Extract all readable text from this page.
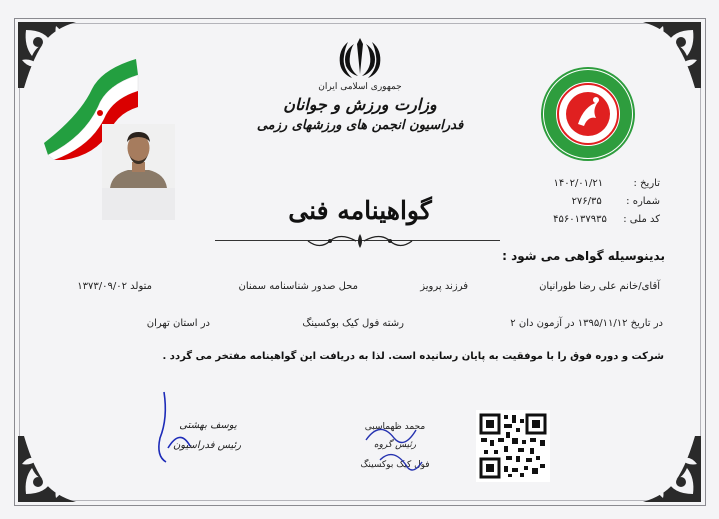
جمهوری اسلامی ایران
وزارت ورزش و جوانان
فدراسیون انجمن های ورزشهای رزمی
تاریخ :  ۱۴۰۲/۰۱/۲۱
شماره :  ۲۷۶/۳۵
کد ملی :  ۴۵۶۰۱۳۷۹۳۵
گواهینامه فنی
بدینوسیله گواهی می شود :
آقای/خانم علی رضا طورانیان
فرزند پرویز
محل صدور شناسنامه سمنان
متولد ۱۳۷۳/۰۹/۰۲
در تاریخ ۱۳۹۵/۱۱/۱۲ در آزمون دان ۲
رشته فول کیک بوکسینگ
در استان تهران
شرکت و دوره فوق را با موفقیت به پایان رسانیده است. لذا به دریافت این گواهینامه مفتخر می گردد .
یوسف بهشتی
رئیس فدراسیون
محمد ظهماسبی
رئیس گروه
فول کیک بوکسینگ
